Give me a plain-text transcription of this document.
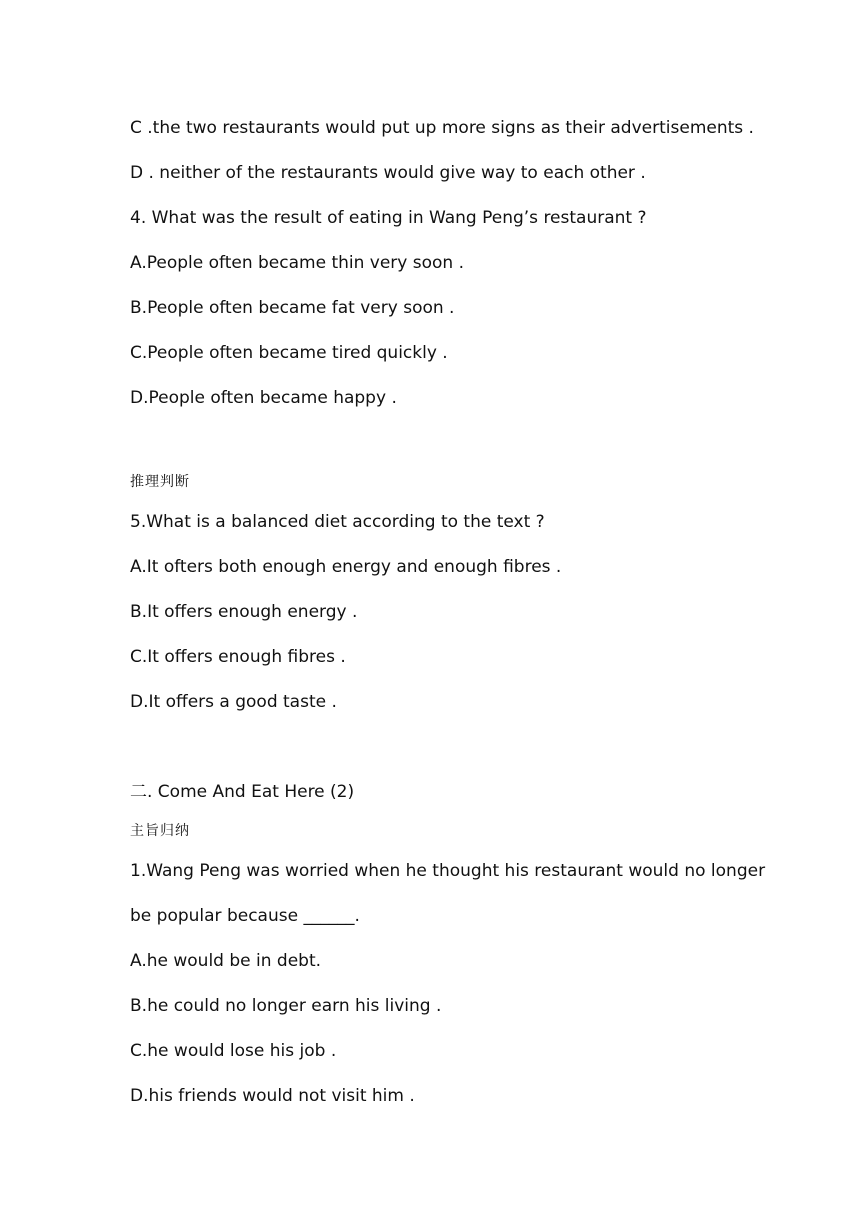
C .the two restaurants would put up more signs as their advertisements .
D . neither of the restaurants would give way to each other .
4. What was the result of eating in Wang Peng’s restaurant ?
A.People often became thin very soon .
B.People often became fat very soon .
C.People often became tired quickly .
D.People often became happy .
推理判断
5.What is a balanced diet according to the text ?
A.It ofters both enough energy and enough fibres .
B.It offers enough energy .
C.It offers enough fibres .
D.It offers a good taste .
二. Come And Eat Here (2)
主旨归纳
1.Wang Peng was worried when he thought his restaurant would no longer
be popular because ______.
A.he would be in debt.
B.he could no longer earn his living .
C.he would lose his job .
D.his friends would not visit him .
